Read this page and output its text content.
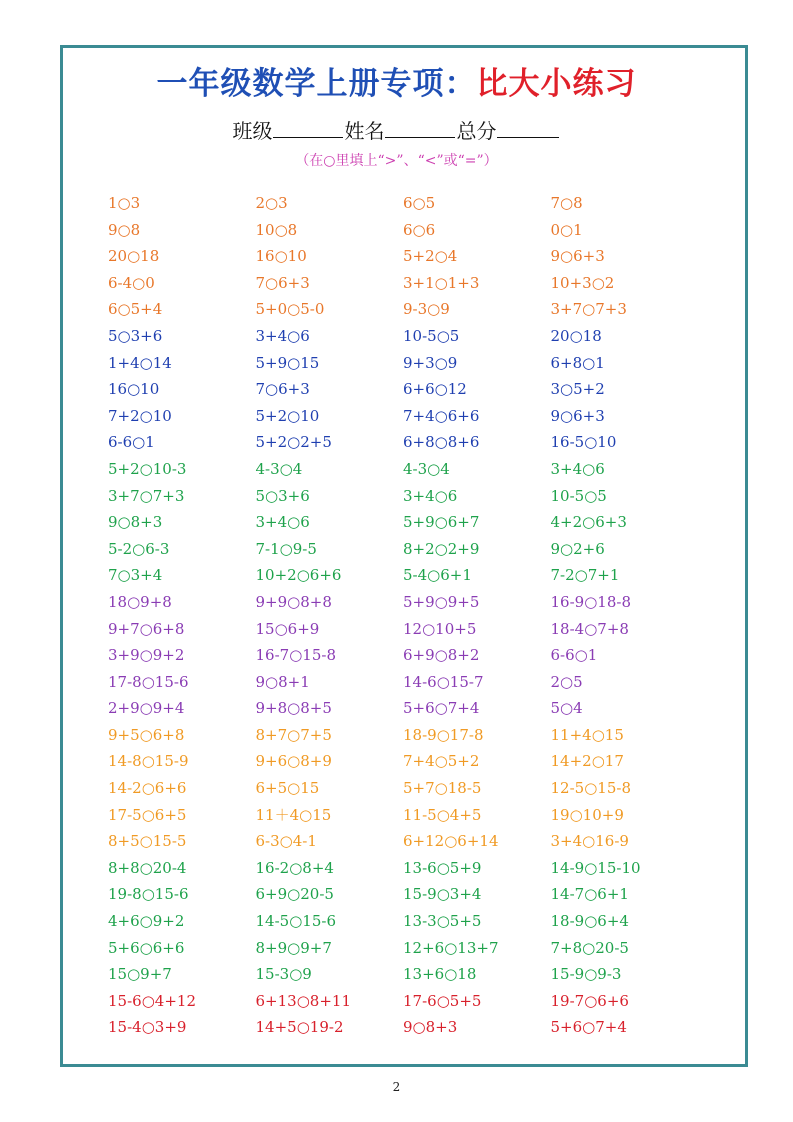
一年级数学上册专项：比大小练习
班级	姓名	总分
（在○里填上“>”、“<”或“=”）
1○3	2○3	6○5	7○8
9○8	10○8	6○6	0○1
20○18	16○10	5+2○4	9○6+3
6-4○0	7○6+3	3+1○1+3	10+3○2
6○5+4	5+0○5-0	9-3○9	3+7○7+3
5○3+6	3+4○6	10-5○5	20○18
1+4○14	5+9○15	9+3○9	6+8○1
16○10	7○6+3	6+6○12	3○5+2
7+2○10	5+2○10	7+4○6+6	9○6+3
6-6○1	5+2○2+5	6+8○8+6	16-5○10
5+2○10-3	4-3○4	4-3○4	3+4○6
3+7○7+3	5○3+6	3+4○6	10-5○5
9○8+3	3+4○6	5+9○6+7	4+2○6+3
5-2○6-3	7-1○9-5	8+2○2+9	9○2+6
7○3+4	10+2○6+6	5-4○6+1	7-2○7+1
18○9+8	9+9○8+8	5+9○9+5	16-9○18-8
9+7○6+8	15○6+9	12○10+5	18-4○7+8
3+9○9+2	16-7○15-8	6+9○8+2	6-6○1
17-8○15-6	9○8+1	14-6○15-7	2○5
2+9○9+4	9+8○8+5	5+6○7+4	5○4
9+5○6+8	8+7○7+5	18-9○17-8	11+4○15
14-8○15-9	9+6○8+9	7+4○5+2	14+2○17
14-2○6+6	6+5○15	5+7○18-5	12-5○15-8
17-5○6+5	11＋4○15	11-5○4+5	19○10+9
8+5○15-5	6-3○4-1	6+12○6+14	3+4○16-9
8+8○20-4	16-2○8+4	13-6○5+9	14-9○15-10
19-8○15-6	6+9○20-5	15-9○3+4	14-7○6+1
4+6○9+2	14-5○15-6	13-3○5+5	18-9○6+4
5+6○6+6	8+9○9+7	12+6○13+7	7+8○20-5
15○9+7	15-3○9	13+6○18	15-9○9-3
15-6○4+12	6+13○8+11	17-6○5+5	19-7○6+6
15-4○3+9	14+5○19-2	9○8+3	5+6○7+4
2
